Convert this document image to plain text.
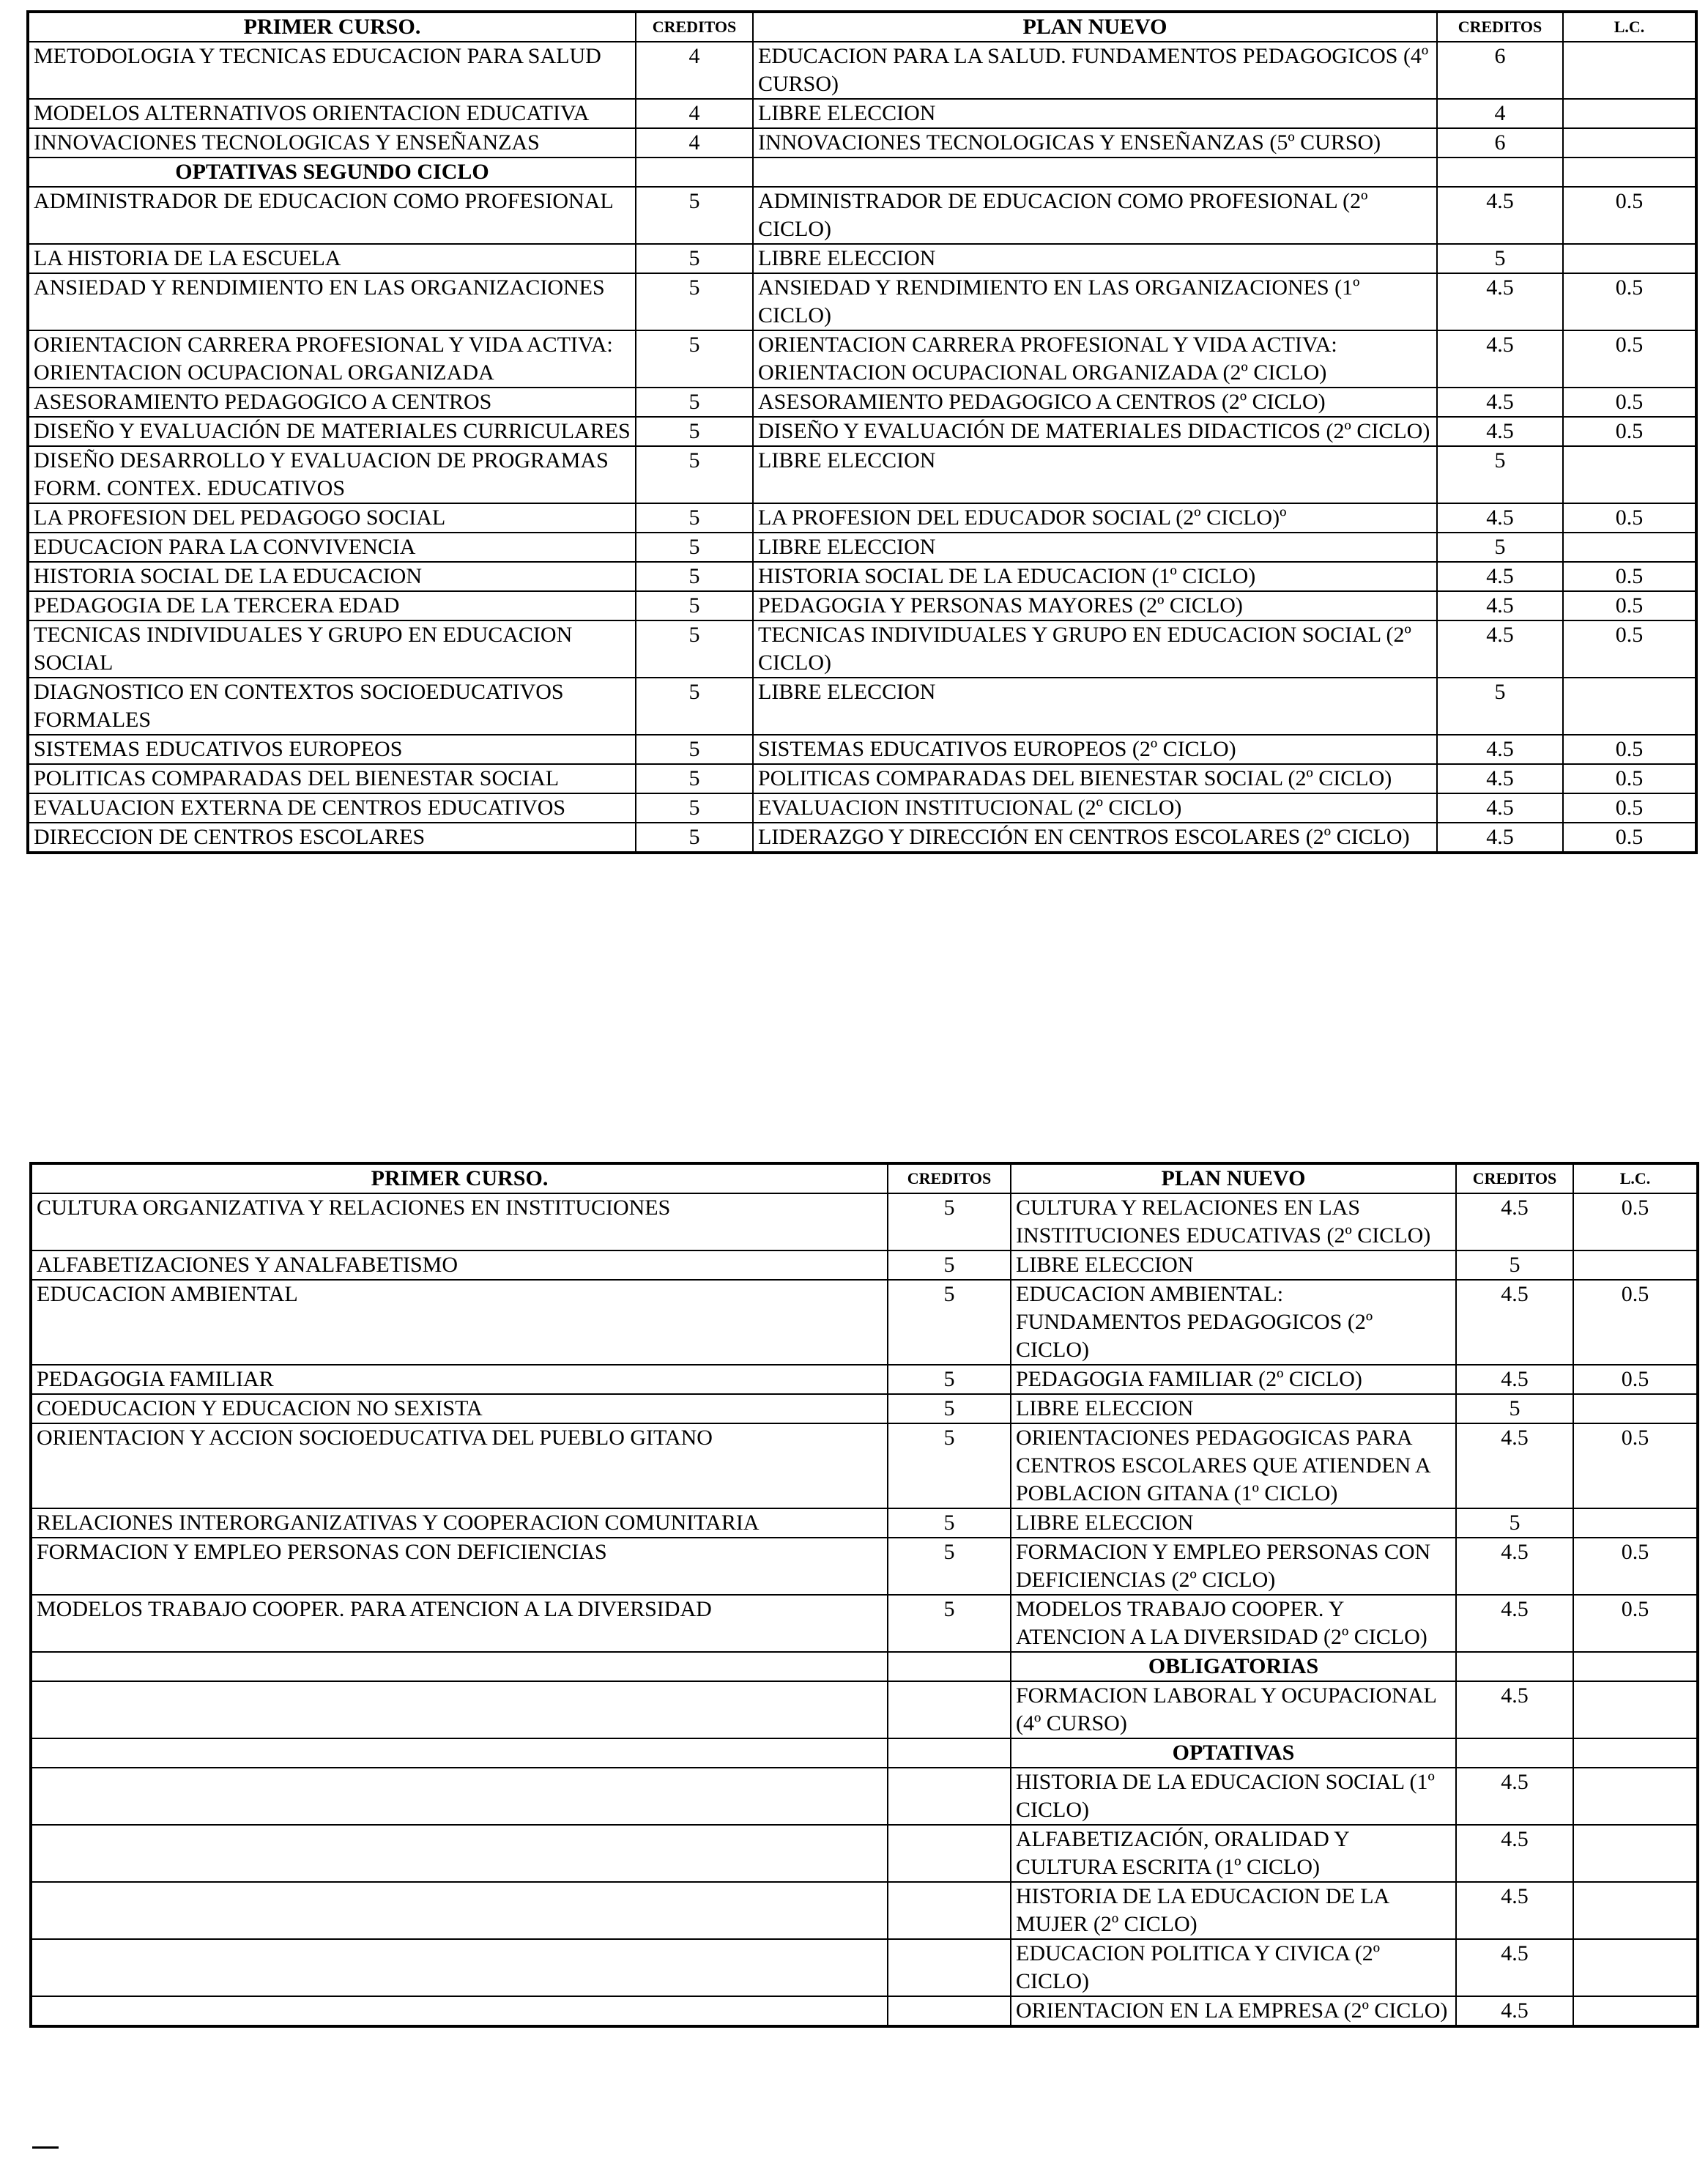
PRIMER CURSO.	CREDITOS	PLAN NUEVO	CREDITOS	L.C.
METODOLOGIA Y TECNICAS EDUCACION PARA SALUD	4	EDUCACION PARA LA SALUD. FUNDAMENTOS PEDAGOGICOS (4º CURSO)	6	
MODELOS ALTERNATIVOS ORIENTACION EDUCATIVA	4	LIBRE ELECCION	4	
INNOVACIONES TECNOLOGICAS Y ENSEÑANZAS	4	INNOVACIONES TECNOLOGICAS Y ENSEÑANZAS (5º CURSO)	6	
OPTATIVAS SEGUNDO CICLO				
ADMINISTRADOR DE EDUCACION COMO PROFESIONAL	5	ADMINISTRADOR DE EDUCACION COMO PROFESIONAL (2º CICLO)	4.5	0.5
LA HISTORIA DE LA ESCUELA	5	LIBRE ELECCION	5	
ANSIEDAD Y RENDIMIENTO EN LAS ORGANIZACIONES	5	ANSIEDAD Y RENDIMIENTO EN LAS ORGANIZACIONES (1º CICLO)	4.5	0.5
ORIENTACION CARRERA PROFESIONAL Y VIDA ACTIVA: ORIENTACION OCUPACIONAL ORGANIZADA	5	ORIENTACION CARRERA PROFESIONAL Y VIDA ACTIVA: ORIENTACION OCUPACIONAL ORGANIZADA (2º CICLO)	4.5	0.5
ASESORAMIENTO PEDAGOGICO A CENTROS	5	ASESORAMIENTO PEDAGOGICO A CENTROS (2º CICLO)	4.5	0.5
DISEÑO Y EVALUACIÓN DE MATERIALES CURRICULARES	5	DISEÑO Y EVALUACIÓN DE MATERIALES DIDACTICOS (2º CICLO)	4.5	0.5
DISEÑO DESARROLLO Y EVALUACION DE PROGRAMAS FORM. CONTEX. EDUCATIVOS	5	LIBRE ELECCION	5	
LA PROFESION DEL PEDAGOGO SOCIAL	5	LA PROFESION DEL EDUCADOR SOCIAL (2º CICLO)º	4.5	0.5
EDUCACION PARA LA CONVIVENCIA	5	LIBRE ELECCION	5	
HISTORIA SOCIAL DE LA EDUCACION	5	HISTORIA SOCIAL DE LA EDUCACION (1º CICLO)	4.5	0.5
PEDAGOGIA DE LA TERCERA EDAD	5	PEDAGOGIA Y PERSONAS MAYORES (2º CICLO)	4.5	0.5
TECNICAS INDIVIDUALES Y GRUPO EN EDUCACION SOCIAL	5	TECNICAS INDIVIDUALES Y GRUPO EN EDUCACION SOCIAL (2º CICLO)	4.5	0.5
DIAGNOSTICO EN CONTEXTOS SOCIOEDUCATIVOS FORMALES	5	LIBRE ELECCION	5	
SISTEMAS EDUCATIVOS EUROPEOS	5	SISTEMAS EDUCATIVOS EUROPEOS (2º CICLO)	4.5	0.5
POLITICAS COMPARADAS DEL BIENESTAR SOCIAL	5	POLITICAS COMPARADAS DEL BIENESTAR SOCIAL (2º CICLO)	4.5	0.5
EVALUACION EXTERNA DE CENTROS EDUCATIVOS	5	EVALUACION INSTITUCIONAL (2º CICLO)	4.5	0.5
DIRECCION DE CENTROS ESCOLARES	5	LIDERAZGO Y DIRECCIÓN EN CENTROS ESCOLARES (2º CICLO)	4.5	0.5
PRIMER CURSO.	CREDITOS	PLAN NUEVO	CREDITOS	L.C.
CULTURA ORGANIZATIVA Y RELACIONES EN INSTITUCIONES	5	CULTURA Y RELACIONES EN LAS INSTITUCIONES EDUCATIVAS (2º CICLO)	4.5	0.5
ALFABETIZACIONES Y ANALFABETISMO	5	LIBRE ELECCION	5	
EDUCACION AMBIENTAL	5	EDUCACION AMBIENTAL: FUNDAMENTOS PEDAGOGICOS (2º CICLO)	4.5	0.5
PEDAGOGIA FAMILIAR	5	PEDAGOGIA FAMILIAR (2º CICLO)	4.5	0.5
COEDUCACION Y EDUCACION NO SEXISTA	5	LIBRE ELECCION	5	
ORIENTACION Y ACCION SOCIOEDUCATIVA DEL PUEBLO GITANO	5	ORIENTACIONES PEDAGOGICAS PARA CENTROS ESCOLARES QUE ATIENDEN A POBLACION GITANA (1º CICLO)	4.5	0.5
RELACIONES INTERORGANIZATIVAS Y COOPERACION COMUNITARIA	5	LIBRE ELECCION	5	
FORMACION Y EMPLEO PERSONAS CON DEFICIENCIAS	5	FORMACION Y EMPLEO PERSONAS CON DEFICIENCIAS (2º CICLO)	4.5	0.5
MODELOS TRABAJO COOPER. PARA ATENCION A LA DIVERSIDAD	5	MODELOS TRABAJO COOPER. Y ATENCION A LA DIVERSIDAD (2º CICLO)	4.5	0.5
		OBLIGATORIAS		
		FORMACION LABORAL Y OCUPACIONAL (4º CURSO)	4.5	
		OPTATIVAS		
		HISTORIA DE LA EDUCACION SOCIAL (1º CICLO)	4.5	
		ALFABETIZACIÓN, ORALIDAD Y CULTURA ESCRITA (1º CICLO)	4.5	
		HISTORIA DE LA EDUCACION DE LA MUJER (2º CICLO)	4.5	
		EDUCACION POLITICA Y CIVICA (2º CICLO)	4.5	
		ORIENTACION EN LA EMPRESA (2º CICLO)	4.5	
